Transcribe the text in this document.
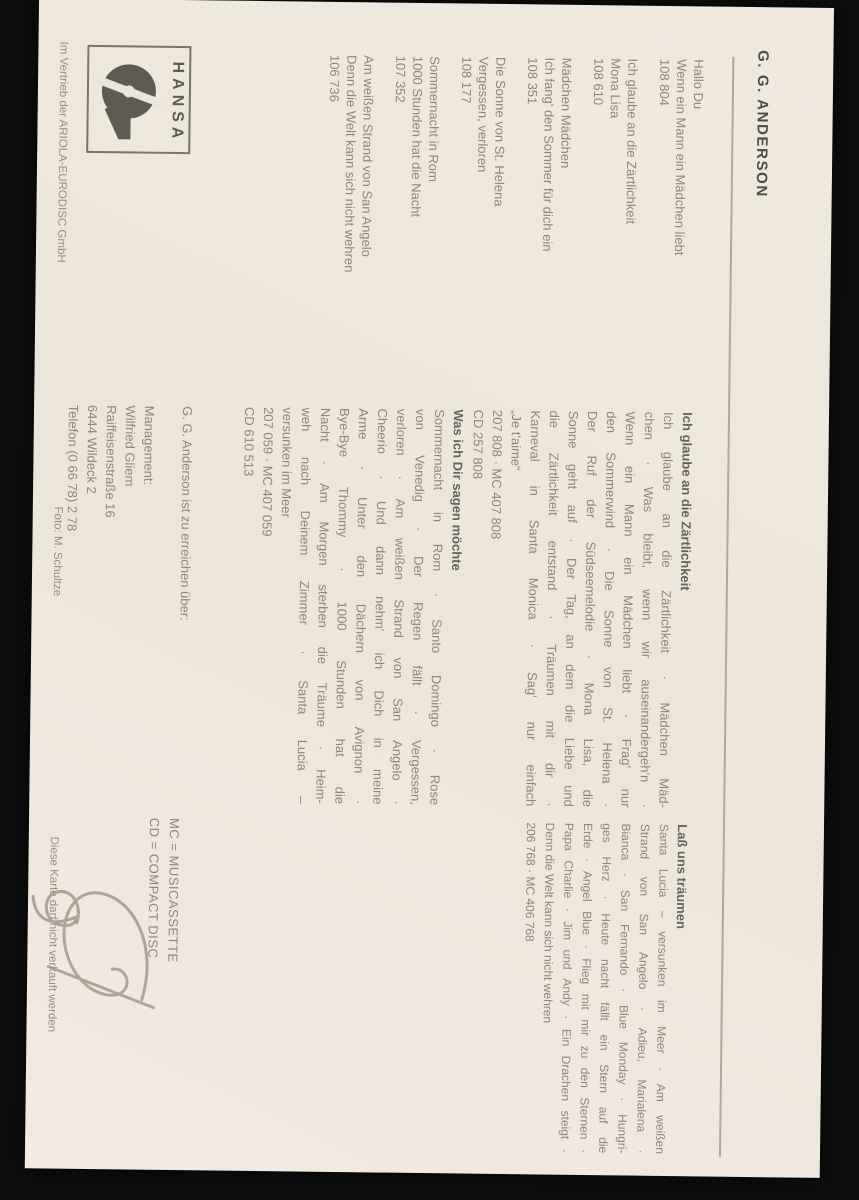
G. G. ANDERSON
Hallo Du
Wenn ein Mann ein Mädchen liebt
108 804
Ich glaube an die Zärtlichkeit
Mona Lisa
108 610
Mädchen Mädchen
Ich fang' den Sommer für dich ein
108 351
Die Sonne von St. Helena
Vergessen, verloren
108 177
Sommernacht in Rom
1000 Stunden hat die Nacht
107 352
Am weißen Strand von San Angelo
Denn die Welt kann sich nicht wehren
106 736
Ich glaube an die Zärtlichkeit
Ich glaube an die Zärtlichkeit · Mädchen Mäd-
chen · Was bleibt, wenn wir auseinandergeh'n ·
Wenn ein Mann ein Mädchen liebt · Frag' nur
den Sommerwind · Die Sonne von St. Helena ·
Der Ruf der Südseemelodie · Mona Lisa, die
Sonne geht auf · Der Tag, an dem die Liebe und
die Zärtlichkeit entstand · Träumen mit dir ·
Karneval in Santa Monica · Sag' nur einfach
„Je t'aime“
207 808 · MC 407 808
CD 257 808
Laß uns träumen
Santa Lucia – versunken im Meer · Am weißen
Strand von San Angelo · Adieu, Marialena ·
Bianca · San Fernando · Blue Monday · Hungri-
ges Herz · Heute nacht fällt ein Stern auf die
Erde · Angel Blue · Flieg mit mir zu den Sternen ·
Papa Charlie · Jim und Andy · Ein Drachen steigt ·
Denn die Welt kann sich nicht wehren
206 768 · MC 406 768
Was ich Dir sagen möchte
Sommernacht in Rom · Santo Domingo · Rose
von Venedig · Der Regen fällt · Vergessen,
verloren · Am weißen Strand von San Angelo ·
Cheerio · Und dann nehm' ich Dich in meine
Arme · Unter den Dächern von Avignon ·
Bye-Bye Thommy · 1000 Stunden hat die
Nacht · Am Morgen sterben die Träume · Heim-
weh nach Deinem Zimmer · Santa Lucia –
versunken im Meer
207 059 · MC 407 059
CD 610 513
G. G. Anderson ist zu erreichen über:
Management:
Wilfried Gliem
Raiffeisenstraße 16
6444 Wildeck 2
Telefon (0 66 78) 2 78
MC = MUSICASSETTE
CD = COMPACT DISC
HANSA
Im Vertrieb der ARIOLA-EURODISC GmbH
Foto: M. Schultze
Diese Karte darf nicht verkauft werden
